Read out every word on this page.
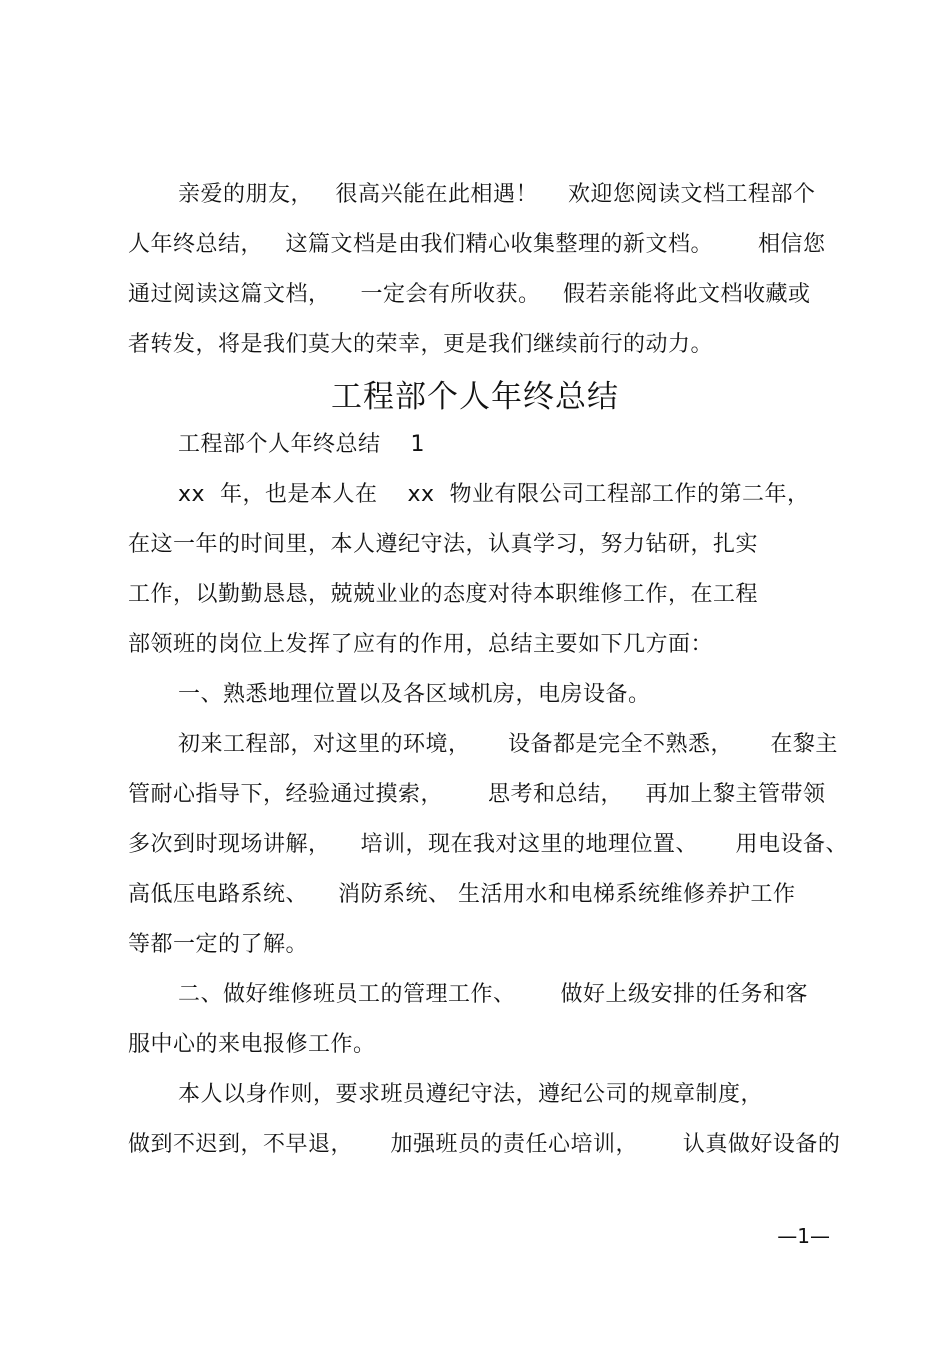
亲爱的朋友，   很高兴能在此相遇！    欢迎您阅读文档工程部个
人年终总结，   这篇文档是由我们精心收集整理的新文档。      相信您
通过阅读这篇文档，    一定会有所收获。   假若亲能将此文档收藏或
者转发，将是我们莫大的荣幸，更是我们继续前行的动力。
工程部个人年终总结
工程部个人年终总结    1
xx  年，也是本人在    xx  物业有限公司工程部工作的第二年，
在这一年的时间里，本人遵纪守法，认真学习，努力钻研，扎实
工作，以勤勤恳恳，兢兢业业的态度对待本职维修工作，在工程
部领班的岗位上发挥了应有的作用，总结主要如下几方面：
一、熟悉地理位置以及各区域机房，电房设备。
初来工程部，对这里的环境，     设备都是完全不熟悉，     在黎主
管耐心指导下，经验通过摸索，      思考和总结，   再加上黎主管带领
多次到时现场讲解，    培训，现在我对这里的地理位置、     用电设备、
高低压电路系统、    消防系统、 生活用水和电梯系统维修养护工作
等都一定的了解。
二、做好维修班员工的管理工作、      做好上级安排的任务和客
服中心的来电报修工作。
本人以身作则，要求班员遵纪守法，遵纪公司的规章制度，
做到不迟到，不早退，     加强班员的责任心培训，      认真做好设备的
—1—
